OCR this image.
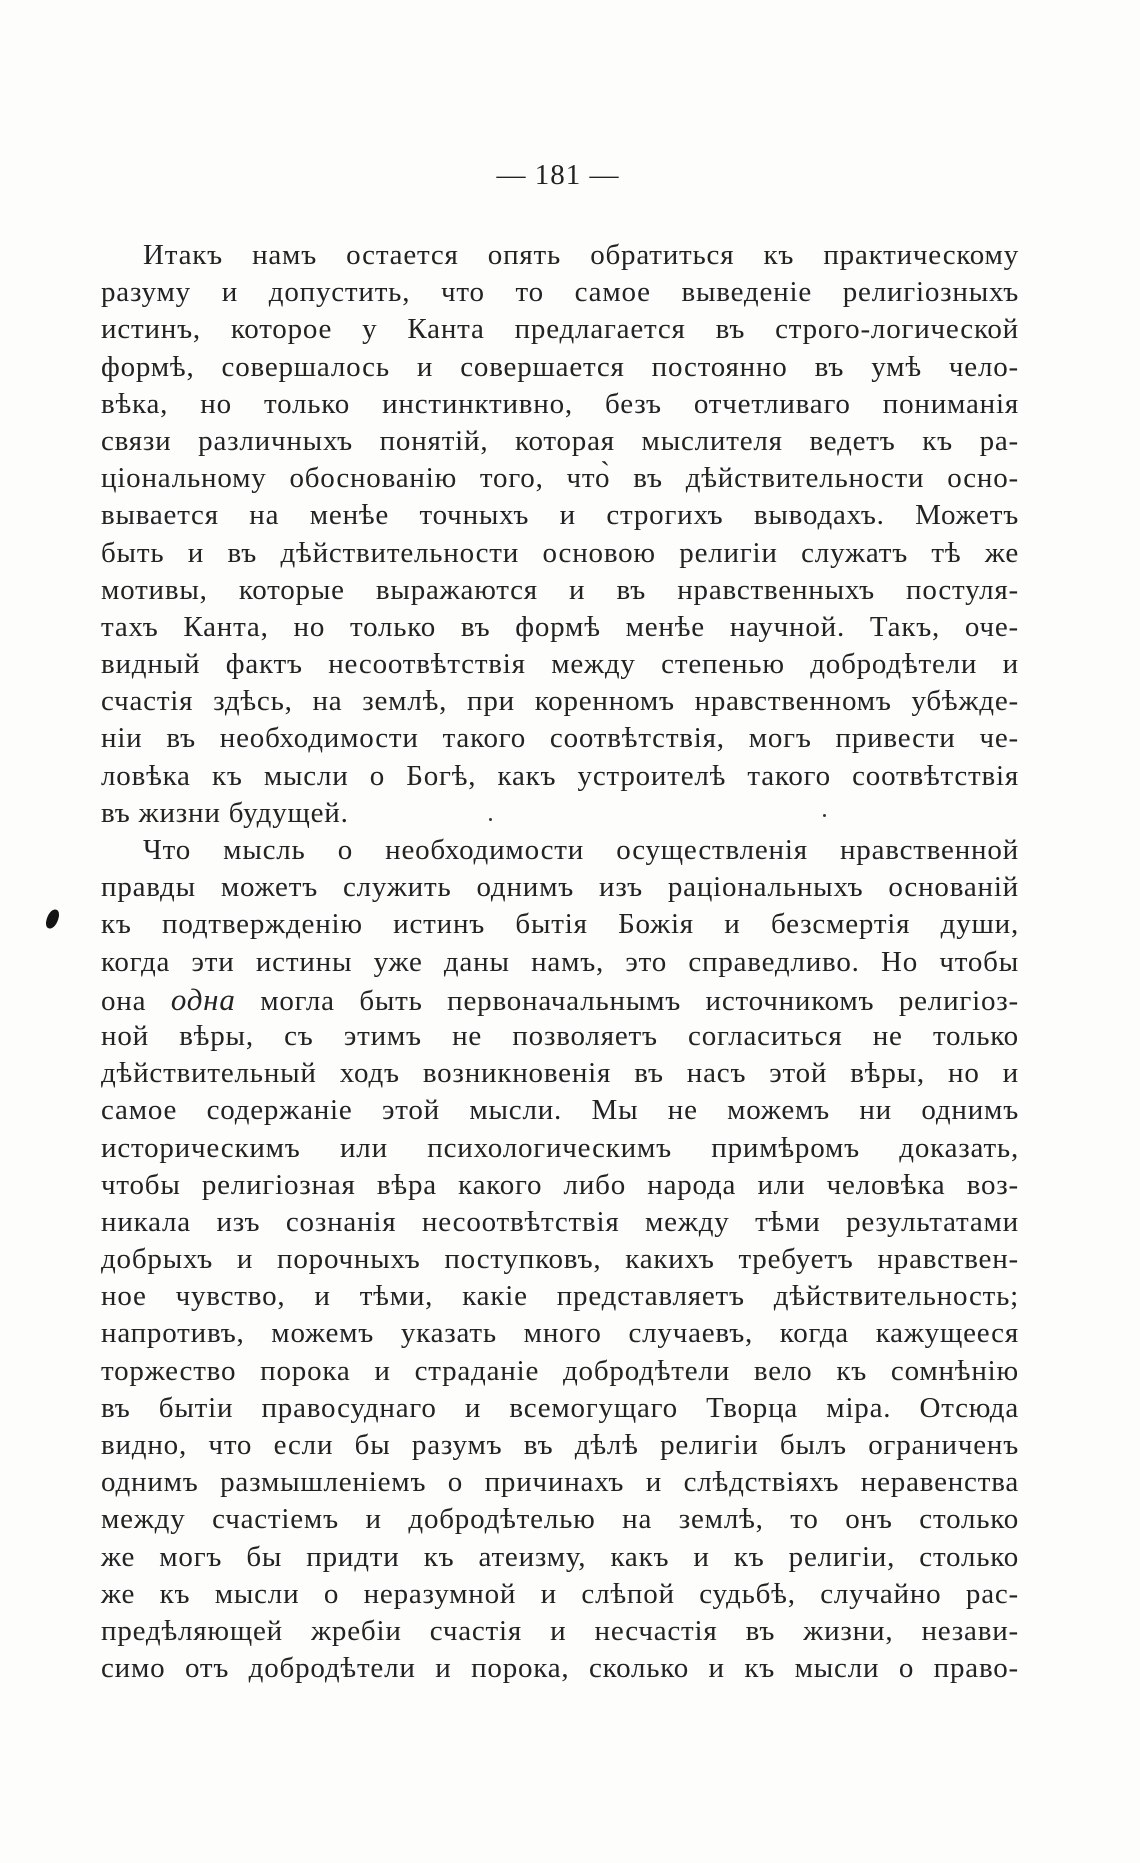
— 181 —
Итакъ намъ остается опять обратиться къ практическому
разуму и допустить, что то самое выведеніе религіозныхъ
истинъ, которое у Канта предлагается въ строго-логической
формѣ, совершалось и совершается постоянно въ умѣ чело-
вѣка, но только инстинктивно, безъ отчетливаго пониманія
связи различныхъ понятій, которая мыслителя ведетъ къ ра-
ціональному обоснованію того, что̀ въ дѣйствительности осно-
вывается на менѣе точныхъ и строгихъ выводахъ. Можетъ
быть и въ дѣйствительности основою религіи служатъ тѣ же
мотивы, которые выражаются и въ нравственныхъ постуля-
тахъ Канта, но только въ формѣ менѣе научной. Такъ, оче-
видный фактъ несоотвѣтствія между степенью добродѣтели и
счастія здѣсь, на землѣ, при коренномъ нравственномъ убѣжде-
ніи въ необходимости такого соотвѣтствія, могъ привести че-
ловѣка къ мысли о Богѣ, какъ устроителѣ такого соотвѣтствія
въ жизни будущей.
Что мысль о необходимости осуществленія нравственной
правды можетъ служить однимъ изъ раціональныхъ основаній
къ подтвержденію истинъ бытія Божія и безсмертія души,
когда эти истины уже даны намъ, это справедливо. Но чтобы
она одна могла быть первоначальнымъ источникомъ религіоз-
ной вѣры, съ этимъ не позволяетъ согласиться не только
дѣйствительный ходъ возникновенія въ насъ этой вѣры, но и
самое содержаніе этой мысли. Мы не можемъ ни однимъ
историческимъ или психологическимъ примѣромъ доказать,
чтобы религіозная вѣра какого либо народа или человѣка воз-
никала изъ сознанія несоотвѣтствія между тѣми результатами
добрыхъ и порочныхъ поступковъ, какихъ требуетъ нравствен-
ное чувство, и тѣми, какіе представляетъ дѣйствительность;
напротивъ, можемъ указать много случаевъ, когда кажущееся
торжество порока и страданіе добродѣтели вело къ сомнѣнію
въ бытіи правосуднаго и всемогущаго Творца міра. Отсюда
видно, что если бы разумъ въ дѣлѣ религіи былъ ограниченъ
однимъ размышленіемъ о причинахъ и слѣдствіяхъ неравенства
между счастіемъ и добродѣтелью на землѣ, то онъ столько
же могъ бы придти къ атеизму, какъ и къ религіи, столько
же къ мысли о неразумной и слѣпой судьбѣ, случайно рас-
предѣляющей жребіи счастія и несчастія въ жизни, незави-
симо отъ добродѣтели и порока, сколько и къ мысли о право-
